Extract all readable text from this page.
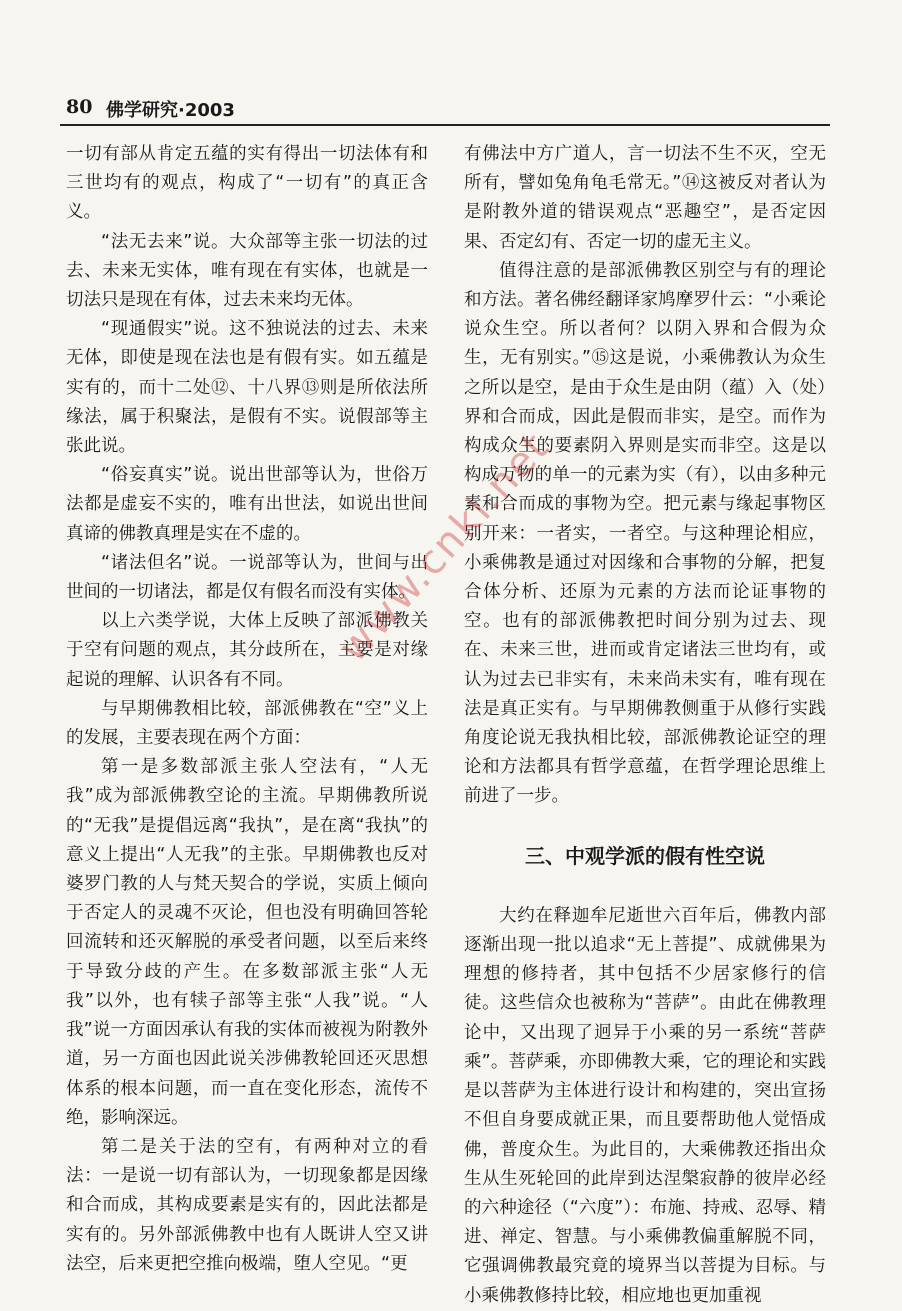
80 佛学研究·2003

一切有部从肯定五蕴的实有得出一切法体有和三世均有的观点，构成了“一切有”的真正含义。

“法无去来”说。大众部等主张一切法的过去、未来无实体，唯有现在有实体，也就是一切法只是现在有体，过去未来均无体。

“现通假实”说。这不独说法的过去、未来无体，即使是现在法也是有假有实。如五蕴是实有的，而十二处⑫、十八界⑬则是所依法所缘法，属于积聚法，是假有不实。说假部等主张此说。

“俗妄真实”说。说出世部等认为，世俗万法都是虚妄不实的，唯有出世法，如说出世间真谛的佛教真理是实在不虚的。

“诸法但名”说。一说部等认为，世间与出世间的一切诸法，都是仅有假名而没有实体。

以上六类学说，大体上反映了部派佛教关于空有问题的观点，其分歧所在，主要是对缘起说的理解、认识各有不同。

与早期佛教相比较，部派佛教在“空”义上的发展，主要表现在两个方面：

第一是多数部派主张人空法有，“人无我”成为部派佛教空论的主流。早期佛教所说的“无我”是提倡远离“我执”，是在离“我执”的意义上提出“人无我”的主张。早期佛教也反对婆罗门教的人与梵天契合的学说，实质上倾向于否定人的灵魂不灭论，但也没有明确回答轮回流转和还灭解脱的承受者问题，以至后来终于导致分歧的产生。在多数部派主张“人无我”以外，也有犊子部等主张“人我”说。“人我”说一方面因承认有我的实体而被视为附教外道，另一方面也因此说关涉佛教轮回还灭思想体系的根本问题，而一直在变化形态，流传不绝，影响深远。

第二是关于法的空有，有两种对立的看法：一是说一切有部认为，一切现象都是因缘和合而成，其构成要素是实有的，因此法都是实有的。另外部派佛教中也有人既讲人空又讲法空，后来更把空推向极端，堕人空见。“更

有佛法中方广道人，言一切法不生不灭，空无所有，譬如兔角龟毛常无。”⑭这被反对者认为是附教外道的错误观点“恶趣空”，是否定因果、否定幻有、否定一切的虚无主义。

值得注意的是部派佛教区别空与有的理论和方法。著名佛经翻译家鸠摩罗什云：“小乘论说众生空。所以者何？以阴入界和合假为众生，无有别实。”⑮这是说，小乘佛教认为众生之所以是空，是由于众生是由阴（蕴）入（处）界和合而成，因此是假而非实，是空。而作为构成众生的要素阴入界则是实而非空。这是以构成万物的单一的元素为实（有），以由多种元素和合而成的事物为空。把元素与缘起事物区别开来：一者实，一者空。与这种理论相应，小乘佛教是通过对因缘和合事物的分解，把复合体分析、还原为元素的方法而论证事物的空。也有的部派佛教把时间分别为过去、现在、未来三世，进而或肯定诸法三世均有，或认为过去已非实有，未来尚未实有，唯有现在法是真正实有。与早期佛教侧重于从修行实践角度论说无我执相比较，部派佛教论证空的理论和方法都具有哲学意蕴，在哲学理论思维上前进了一步。

三、中观学派的假有性空说

大约在释迦牟尼逝世六百年后，佛教内部逐渐出现一批以追求“无上菩提”、成就佛果为理想的修持者，其中包括不少居家修行的信徒。这些信众也被称为“菩萨”。由此在佛教理论中，又出现了迥异于小乘的另一系统“菩萨乘”。菩萨乘，亦即佛教大乘，它的理论和实践是以菩萨为主体进行设计和构建的，突出宣扬不但自身要成就正果，而且要帮助他人觉悟成佛，普度众生。为此目的，大乘佛教还指出众生从生死轮回的此岸到达涅槃寂静的彼岸必经的六种途径（“六度”）：布施、持戒、忍辱、精进、禅定、智慧。与小乘佛教偏重解脱不同，它强调佛教最究竟的境界当以菩提为目标。与小乘佛教修持比较，相应地也更加重视

www.cnki.net
